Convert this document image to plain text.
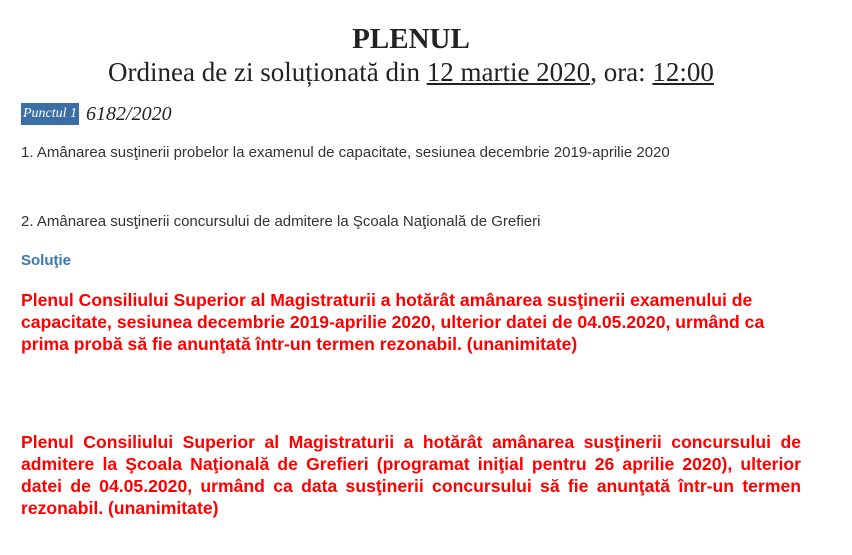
PLENUL
Ordinea de zi soluționată din 12 martie 2020, ora: 12:00
Punctul 1 6182/2020
1. Amânarea susţinerii probelor la examenul de capacitate, sesiunea decembrie 2019-aprilie 2020
2. Amânarea susţinerii concursului de admitere la Şcoala Naţională de Grefieri
Soluţie
Plenul Consiliului Superior al Magistraturii a hotărât amânarea susţinerii examenului de capacitate, sesiunea decembrie 2019-aprilie 2020, ulterior datei de 04.05.2020, urmând ca prima probă să fie anunţată într-un termen rezonabil. (unanimitate)
Plenul Consiliului Superior al Magistraturii a hotărât amânarea susţinerii concursului de admitere la Şcoala Naţională de Grefieri (programat iniţial pentru 26 aprilie 2020), ulterior datei de 04.05.2020, urmând ca data susţinerii concursului să fie anunţată într-un termen rezonabil. (unanimitate)
